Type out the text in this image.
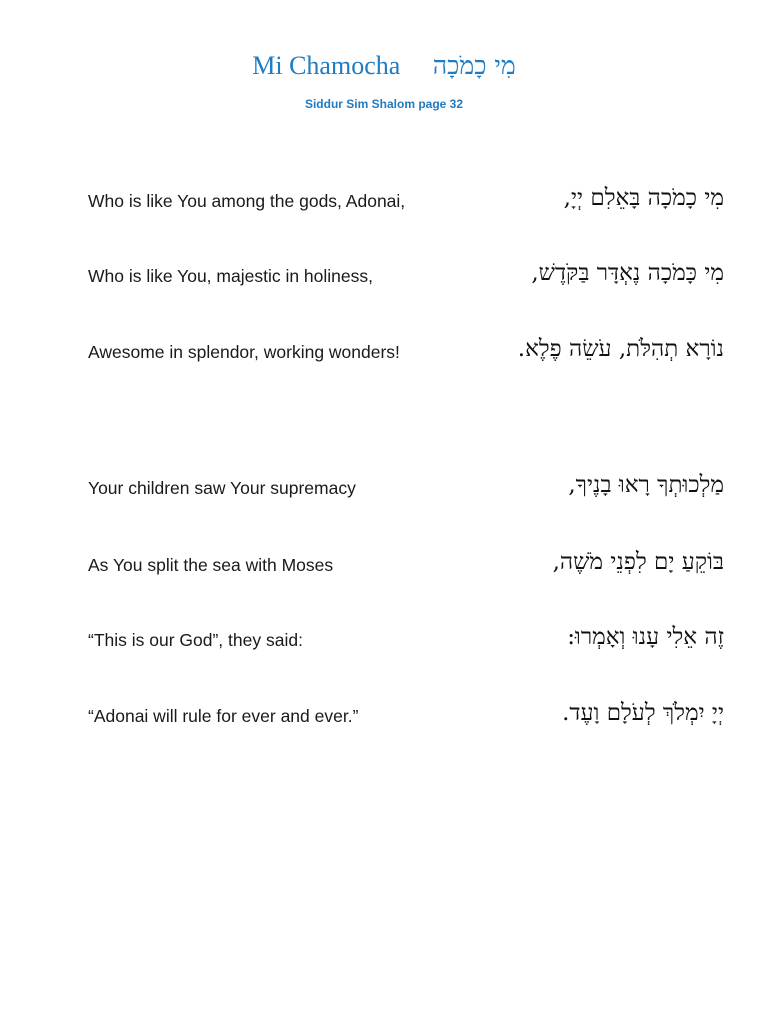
Mi Chamocha מִי כָמֹכָה
Siddur Sim Shalom page 32
Who is like You among the gods, Adonai,	מִי כָמֹכָה בָּאֵלִם יְיָ,
Who is like You, majestic in holiness,	מִי כָּמֹכָה נֶאְדָּר בַּקֹּדֶשׁ,
Awesome in splendor, working wonders!	נוֹרָא תְהִלֹּת, עֹשֵׂה פֶלֶא.
Your children saw Your supremacy	מַלְכוּתְךָ רָאוּ בָנֶיךָ,
As You split the sea with Moses	בּוֹקֵעַ יָם לִפְנֵי מֹשֶׁה,
“This is our God”, they said:	זֶה אֵלִי עָנוּ וְאָמְרוּ:
“Adonai will rule for ever and ever.”	יְיָ יִמְלֹךְ לְעֹלָם וָעֶד.
